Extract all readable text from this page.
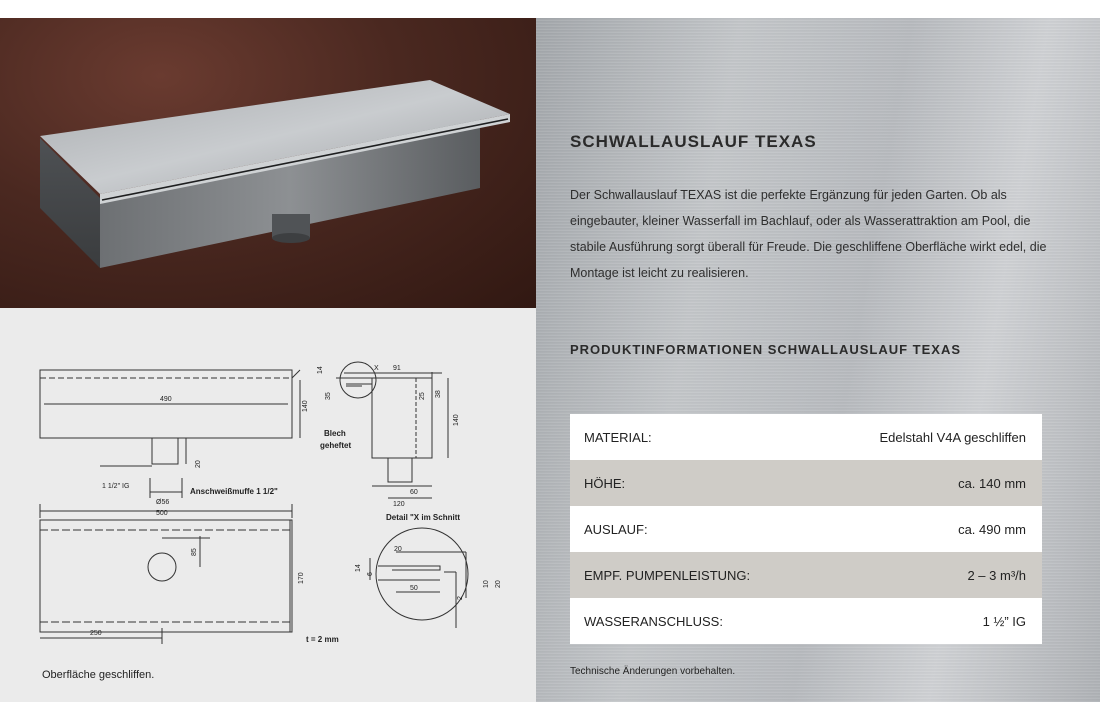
490
140
20
14	91
35	25 38
140
Blech
geheftet
1 1/2" IG
Anschweißmuffe 1 1/2"
Ø56
500
60
120
Detail "X im Schnitt
85
170
250
t = 2 mm
20
14
6
50
2
10 20
X
Oberfläche geschliffen.
SCHWALLAUSLAUF TEXAS
Der Schwallauslauf TEXAS ist die perfekte Ergänzung für jeden Garten. Ob als eingebauter, kleiner Wasserfall im Bachlauf, oder als Wasserattraktion am Pool, die stabile Ausführung sorgt überall für Freude. Die geschliffene Oberfläche wirkt edel, die Montage ist leicht zu realisieren.
PRODUKTINFORMATIONEN SCHWALLAUSLAUF TEXAS
MATERIAL:	Edelstahl V4A geschliffen
HÖHE:	ca. 140 mm
AUSLAUF:	ca. 490 mm
EMPF. PUMPENLEISTUNG:	2 – 3 m³/h
WASSERANSCHLUSS:	1 ½” IG
Technische Änderungen vorbehalten.
